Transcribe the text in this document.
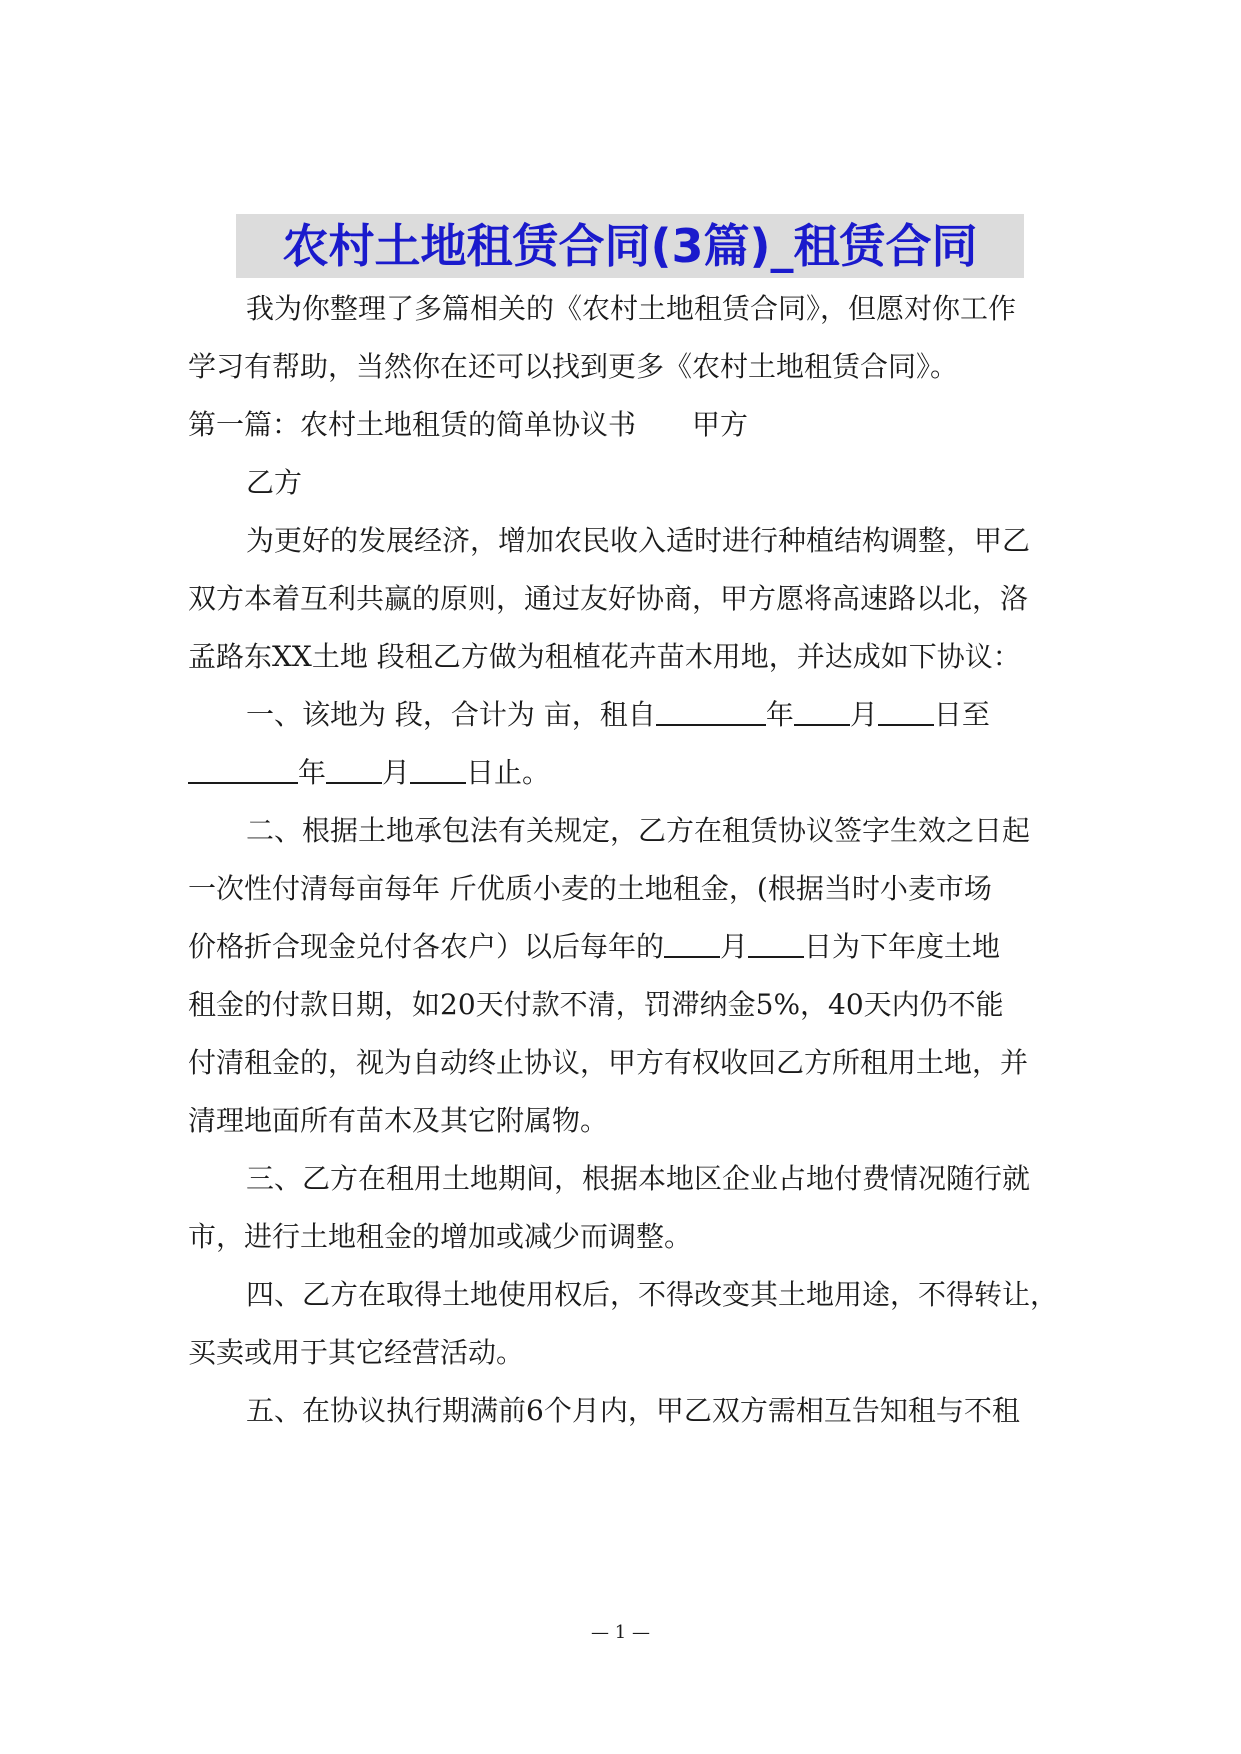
农村土地租赁合同(3篇)_租赁合同
我为你整理了多篇相关的《农村土地租赁合同》，但愿对你工作
学习有帮助，当然你在还可以找到更多《农村土地租赁合同》。
第一篇：农村土地租赁的简单协议书　　甲方
乙方
为更好的发展经济，增加农民收入适时进行种植结构调整，甲乙
双方本着互利共赢的原则，通过友好协商，甲方愿将高速路以北，洛
孟路东XX土地 段租乙方做为租植花卉苗木用地，并达成如下协议：
一、该地为 段，合计为 亩，租自	年 月 日至
年 月 日止。
二、根据土地承包法有关规定，乙方在租赁协议签字生效之日起
一次性付清每亩每年 斤优质小麦的土地租金，(根据当时小麦市场
价格折合现金兑付各农户）以后每年的 月 日为下年度土地
租金的付款日期，如20天付款不清，罚滞纳金5%，40天内仍不能
付清租金的，视为自动终止协议，甲方有权收回乙方所租用土地，并
清理地面所有苗木及其它附属物。
三、乙方在租用土地期间，根据本地区企业占地付费情况随行就
市，进行土地租金的增加或减少而调整。
四、乙方在取得土地使用权后，不得改变其土地用途，不得转让，
买卖或用于其它经营活动。
五、在协议执行期满前6个月内，甲乙双方需相互告知租与不租
— 1 —
